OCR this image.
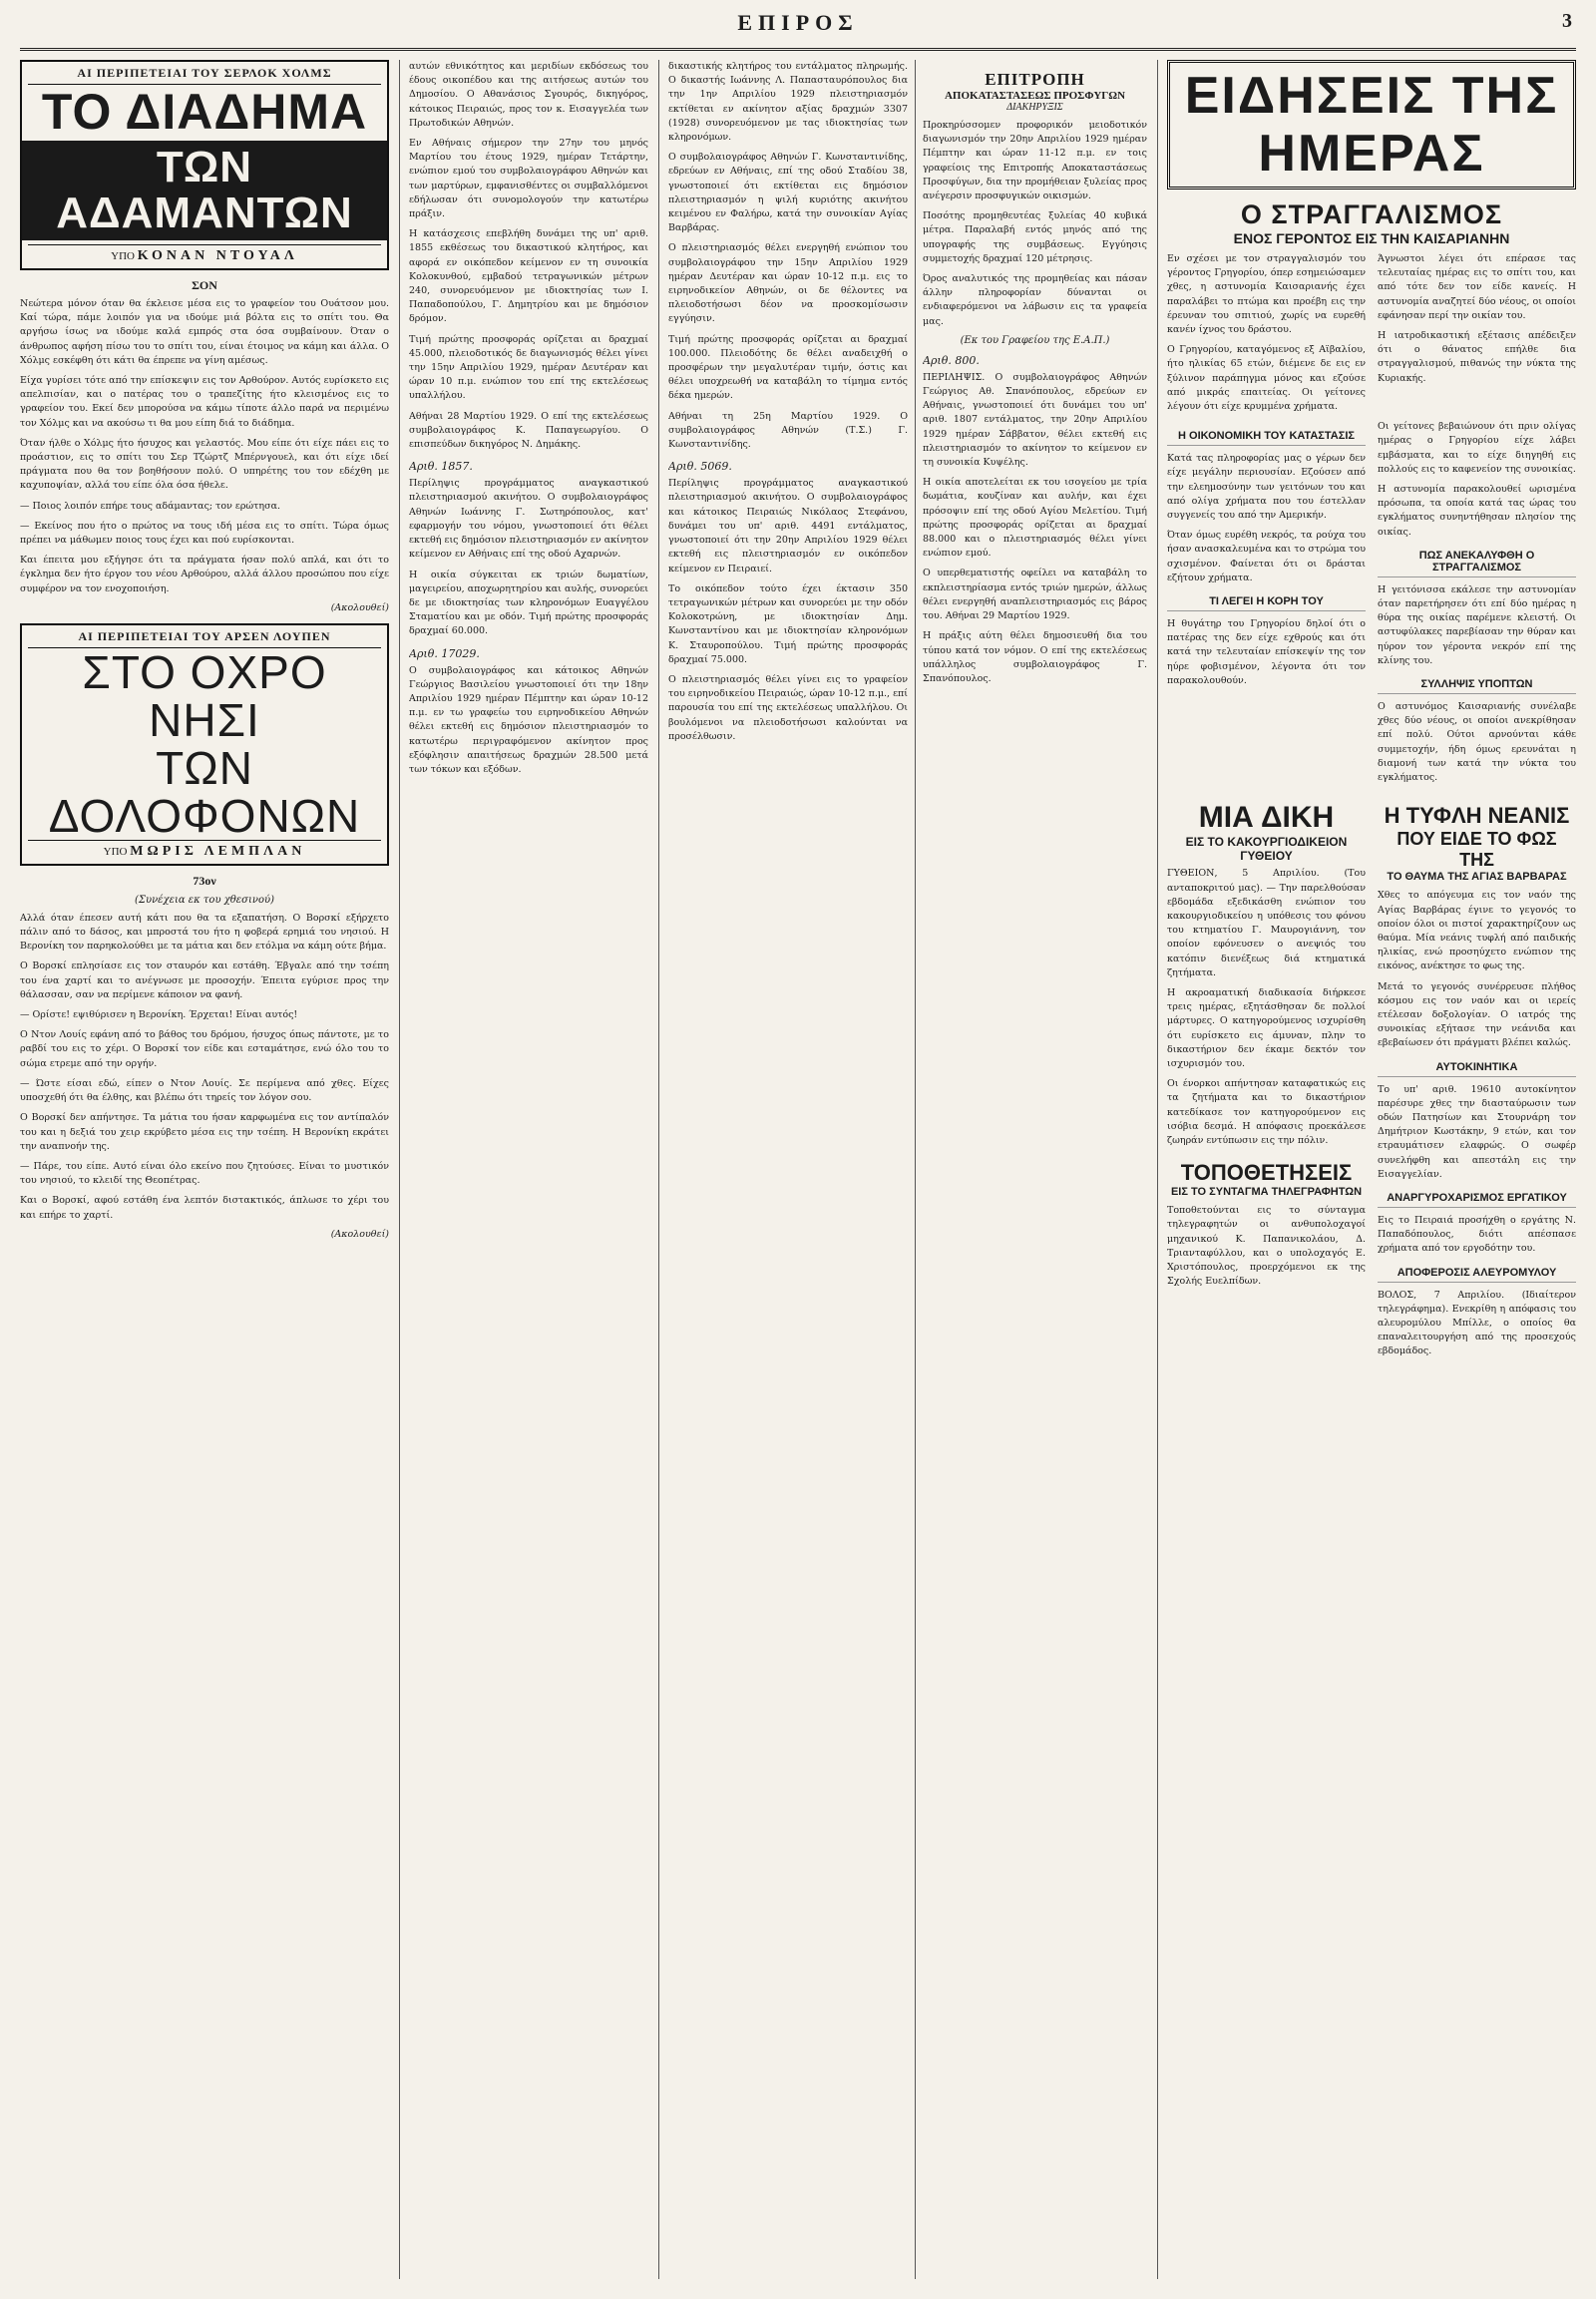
ΕΠΙΡΟΣ	3
ΑΙ ΠΕΡΙΠΕΤΕΙΑΙ ΤΟΥ ΣΕΡΛΟΚ ΧΟΛΜΣ
ΤΟ ΔΙΑΔΗΜΑ
ΤΩΝ ΑΔΑΜΑΝΤΩΝ
ΥΠΟ ΚΟΝΑΝ ΝΤΟΥΑΛ
ΣΟΝ

Νεώτερα μόνον όταν θα έκλεισε μέσα εις το γραφείον του Ουάτσον μου. Καί τώρα, πάμε λοιπόν για να ιδούμε μιά βόλτα εις το σπίτι του. Θα αργήσω ίσως να ιδούμε καλά εμπρός στα όσα συμβαίνουν. Όταν ο άνθρωπος αφήση πίσω του το σπίτι του, είναι έτοιμος να κάμη και άλλα. Ο Χόλμς εσκέφθη ότι κάτι θα έπρεπε να γίνη αμέσως.

Είχα γυρίσει τότε από την επίσκεψιν εις τον Αρθούρον. Αυτός ευρίσκετο εις απελπισίαν, και ο πατέρας του ο τραπεζίτης ήτο κλεισμένος εις το γραφείον του. Εκεί δεν μπορούσα να κάμω τίποτε άλλο παρά να περιμένω τον Χόλμς και να ακούσω τι θα μου είπη διά το διάδημα.

Όταν ήλθε ο Χόλμς ήτο ήσυχος και γελαστός. Μου είπε ότι είχε πάει εις το προάστιον, εις το σπίτι του Σερ Τζώρτζ Μπέρνγουελ, και ότι είχε ιδεί πράγματα που θα τον βοηθήσουν πολύ. Ο υπηρέτης του τον εδέχθη με καχυποψίαν, αλλά του είπε όλα όσα ήθελε.

— Ποιος λοιπόν επήρε τους αδάμαντας; τον ερώτησα.

— Εκείνος που ήτο ο πρώτος να τους ιδή μέσα εις το σπίτι. Τώρα όμως πρέπει να μάθωμεν ποιος τους έχει και πού ευρίσκονται.

Και έπειτα μου εξήγησε ότι τα πράγματα ήσαν πολύ απλά, και ότι το έγκλημα δεν ήτο έργον του νέου Αρθούρου, αλλά άλλου προσώπου που είχε συμφέρον να τον ενοχοποιήση.

(Ακολουθεί)
ΑΙ ΠΕΡΙΠΕΤΕΙΑΙ ΤΟΥ ΑΡΣΕΝ ΛΟΥΠΕΝ
ΣΤΟ ΟΧΡΟ ΝΗΣΙ
ΤΩΝ ΔΟΛΟΦΟΝΩΝ
ΥΠΟ ΜΩΡΙΣ ΛΕΜΠΛΑΝ
73ον
(Συνέχεια εκ του χθεσινού)

Αλλά όταν έπεσεν αυτή κάτι που θα τα εξαπατήση. Ο Βορσκί εξήρχετο πάλιν από το δάσος, και μπροστά του ήτο η φοβερά ερημιά του νησιού. Η Βερονίκη τον παρηκολούθει με τα μάτια και δεν ετόλμα να κάμη ούτε βήμα.

Ο Βορσκί επλησίασε εις τον σταυρόν και εστάθη. Έβγαλε από την τσέπη του ένα χαρτί και το ανέγνωσε με προσοχήν. Έπειτα εγύρισε προς την θάλασσαν, σαν να περίμενε κάποιον να φανή.

— Ορίστε! εψιθύρισεν η Βερονίκη. Έρχεται! Είναι αυτός!

Ο Ντον Λουίς εφάνη από το βάθος του δρόμου, ήσυχος όπως πάντοτε, με το ραβδί του εις το χέρι. Ο Βορσκί τον είδε και εσταμάτησε, ενώ όλο του το σώμα ετρεμε από την οργήν.

— Ώστε είσαι εδώ, είπεν ο Ντον Λουίς. Σε περίμενα από χθες. Είχες υποσχεθή ότι θα έλθης, και βλέπω ότι τηρείς τον λόγον σου.

Ο Βορσκί δεν απήντησε. Τα μάτια του ήσαν καρφωμένα εις τον αντίπαλόν του και η δεξιά του χειρ εκρύβετο μέσα εις την τσέπη. Η Βερονίκη εκράτει την αναπνοήν της.

— Πάρε, του είπε. Αυτό είναι όλο εκείνο που ζητούσες. Είναι το μυστικόν του νησιού, το κλειδί της Θεοπέτρας.

Και ο Βορσκί, αφού εστάθη ένα λεπτόν διστακτικός, άπλωσε το χέρι του και επήρε το χαρτί.

(Ακολουθεί)

αυτών εθνικότητος και μεριδίων εκδόσεως του έδους οικοπέδου και της αιτήσεως αυτών του Δημοσίου. Ο Αθανάσιος Σγουρός, δικηγόρος, κάτοικος Πειραιώς, προς τον κ. Εισαγγελέα των Πρωτοδικών Αθηνών.

Εν Αθήναις σήμερον την 27ην του μηνός Μαρτίου του έτους 1929, ημέραν Τετάρτην, ενώπιον εμού του συμβολαιογράφου Αθηνών και των μαρτύρων, εμφανισθέντες οι συμβαλλόμενοι εδήλωσαν ότι συνομολογούν την κατωτέρω πράξιν.

Η κατάσχεσις επεβλήθη δυνάμει της υπ' αριθ. 1855 εκθέσεως του δικαστικού κλητήρος, και αφορά εν οικόπεδον κείμενον εν τη συνοικία Κολοκυνθού, εμβαδού τετραγωνικών μέτρων 240, συνορευόμενον με ιδιοκτησίας των Ι. Παπαδοπούλου, Γ. Δημητρίου και με δημόσιον δρόμον.

Τιμή πρώτης προσφοράς ορίζεται αι δραχμαί 45.000, πλειοδοτικός δε διαγωνισμός θέλει γίνει την 15ην Απριλίου 1929, ημέραν Δευτέραν και ώραν 10 π.μ. ενώπιον του επί της εκτελέσεως υπαλλήλου.

Αθήναι 28 Μαρτίου 1929. Ο επί της εκτελέσεως συμβολαιογράφος Κ. Παπαγεωργίου. Ο επισπεύδων δικηγόρος Ν. Δημάκης.

Αριθ. 1857.

Περίληψις προγράμματος αναγκαστικού πλειστηριασμού ακινήτου. Ο συμβολαιογράφος Αθηνών Ιωάννης Γ. Σωτηρόπουλος, κατ' εφαρμογήν του νόμου, γνωστοποιεί ότι θέλει εκτεθή εις δημόσιον πλειστηριασμόν εν ακίνητον κείμενον εν Αθήναις επί της οδού Αχαρνών.

Η οικία σύγκειται εκ τριών δωματίων, μαγειρείου, αποχωρητηρίου και αυλής, συνορεύει δε με ιδιοκτησίας των κληρονόμων Ευαγγέλου Σταματίου και με οδόν. Τιμή πρώτης προσφοράς δραχμαί 60.000.

Αριθ. 17029.

Ο συμβολαιογράφος και κάτοικος Αθηνών Γεώργιος Βασιλείου γνωστοποιεί ότι την 18ην Απριλίου 1929 ημέραν Πέμπτην και ώραν 10-12 π.μ. εν τω γραφείω του ειρηνοδικείου Αθηνών θέλει εκτεθή εις δημόσιον πλειστηριασμόν το κατωτέρω περιγραφόμενον ακίνητον προς εξόφλησιν απαιτήσεως δραχμών 28.500 μετά των τόκων και εξόδων.

δικαστικής κλητήρος του εντάλματος πληρωμής. Ο δικαστής Ιωάννης Λ. Παπασταυρόπουλος δια την 1ην Απριλίου 1929 πλειστηριασμόν εκτίθεται εν ακίνητον αξίας δραχμών 3307 (1928) συνορευόμενον με τας ιδιοκτησίας των κληρονόμων.

Ο συμβολαιογράφος Αθηνών Γ. Κωνσταντινίδης, εδρεύων εν Αθήναις, επί της οδού Σταδίου 38, γνωστοποιεί ότι εκτίθεται εις δημόσιον πλειστηριασμόν η ψιλή κυριότης ακινήτου κειμένου εν Φαλήρω, κατά την συνοικίαν Αγίας Βαρβάρας.

Ο πλειστηριασμός θέλει ενεργηθή ενώπιον του συμβολαιογράφου την 15ην Απριλίου 1929 ημέραν Δευτέραν και ώραν 10-12 π.μ. εις το ειρηνοδικείον Αθηνών, οι δε θέλοντες να πλειοδοτήσωσι δέον να προσκομίσωσιν εγγύησιν.

Τιμή πρώτης προσφοράς ορίζεται αι δραχμαί 100.000. Πλειοδότης δε θέλει αναδειχθή ο προσφέρων την μεγαλυτέραν τιμήν, όστις και θέλει υποχρεωθή να καταβάλη το τίμημα εντός δέκα ημερών.

Αθήναι τη 25η Μαρτίου 1929. Ο συμβολαιογράφος Αθηνών (Τ.Σ.) Γ. Κωνσταντινίδης.

Αριθ. 5069.

Περίληψις προγράμματος αναγκαστικού πλειστηριασμού ακινήτου. Ο συμβολαιογράφος και κάτοικος Πειραιώς Νικόλαος Στεφάνου, δυνάμει του υπ' αριθ. 4491 εντάλματος, γνωστοποιεί ότι την 20ην Απριλίου 1929 θέλει εκτεθή εις πλειστηριασμόν εν οικόπεδον κείμενον εν Πειραιεί.

Το οικόπεδον τούτο έχει έκτασιν 350 τετραγωνικών μέτρων και συνορεύει με την οδόν Κολοκοτρώνη, με ιδιοκτησίαν Δημ. Κωνσταντίνου και με ιδιοκτησίαν κληρονόμων Κ. Σταυροπούλου. Τιμή πρώτης προσφοράς δραχμαί 75.000.

Ο πλειστηριασμός θέλει γίνει εις το γραφείον του ειρηνοδικείου Πειραιώς, ώραν 10-12 π.μ., επί παρουσία του επί της εκτελέσεως υπαλλήλου. Οι βουλόμενοι να πλειοδοτήσωσι καλούνται να προσέλθωσιν.

ΕΠΙΤΡΟΠΗ
ΑΠΟΚΑΤΑΣΤΑΣΕΩΣ ΠΡΟΣΦΥΓΩΝ
ΔΙΑΚΗΡΥΞΙΣ

Προκηρύσσομεν προφορικόν μειοδοτικόν διαγωνισμόν την 20ην Απριλίου 1929 ημέραν Πέμπτην και ώραν 11-12 π.μ. εν τοις γραφείοις της Επιτροπής Αποκαταστάσεως Προσφύγων, δια την προμήθειαν ξυλείας προς ανέγερσιν προσφυγικών οικισμών.

Ποσότης προμηθευτέας ξυλείας 40 κυβικά μέτρα. Παραλαβή εντός μηνός από της υπογραφής της συμβάσεως. Εγγύησις συμμετοχής δραχμαί 120 μέτρησις.

Όρος αναλυτικός της προμηθείας και πάσαν άλλην πληροφορίαν δύνανται οι ενδιαφερόμενοι να λάβωσιν εις τα γραφεία μας.

(Εκ του Γραφείου της Ε.Α.Π.)
Αριθ. 800.

ΠΕΡΙΛΗΨΙΣ. Ο συμβολαιογράφος Αθηνών Γεώργιος Αθ. Σπανόπουλος, εδρεύων εν Αθήναις, γνωστοποιεί ότι δυνάμει του υπ' αριθ. 1807 εντάλματος, την 20ην Απριλίου 1929 ημέραν Σάββατον, θέλει εκτεθή εις πλειστηριασμόν το ακίνητον το κείμενον εν τη συνοικία Κυψέλης.

Η οικία αποτελείται εκ του ισογείου με τρία δωμάτια, κουζίναν και αυλήν, και έχει πρόσοψιν επί της οδού Αγίου Μελετίου. Τιμή πρώτης προσφοράς ορίζεται αι δραχμαί 88.000 και ο πλειστηριασμός θέλει γίνει ενώπιον εμού.

Ο υπερθεματιστής οφείλει να καταβάλη το εκπλειστηρίασμα εντός τριών ημερών, άλλως θέλει ενεργηθή αναπλειστηριασμός εις βάρος του. Αθήναι 29 Μαρτίου 1929.

Η πράξις αύτη θέλει δημοσιευθή δια του τύπου κατά τον νόμον. Ο επί της εκτελέσεως υπάλληλος συμβολαιογράφος Γ. Σπανόπουλος.

ΕΙΔΗΣΕΙΣ ΤΗΣ ΗΜΕΡΑΣ
Ο ΣΤΡΑΓΓΑΛΙΣΜΟΣ
ΕΝΟΣ ΓΕΡΟΝΤΟΣ ΕΙΣ ΤΗΝ ΚΑΙΣΑΡΙΑΝΗΝ

Εν σχέσει με τον στραγγαλισμόν του γέροντος Γρηγορίου, όπερ εσημειώσαμεν χθες, η αστυνομία Καισαριανής έχει παραλάβει το πτώμα και προέβη εις την έρευναν του σπιτιού, χωρίς να ευρεθή κανέν ίχνος του δράστου.

Ο Γρηγορίου, καταγόμενος εξ Αϊβαλίου, ήτο ηλικίας 65 ετών, διέμενε δε εις εν ξύλινον παράπηγμα μόνος και εζούσε από μικράς επαιτείας. Οι γείτονες λέγουν ότι είχε κρυμμένα χρήματα.

Άγνωστοι λέγει ότι επέρασε τας τελευταίας ημέρας εις το σπίτι του, και από τότε δεν τον είδε κανείς. Η αστυνομία αναζητεί δύο νέους, οι οποίοι εφάνησαν περί την οικίαν του.

Η ιατροδικαστική εξέτασις απέδειξεν ότι ο θάνατος επήλθε δια στραγγαλισμού, πιθανώς την νύκτα της Κυριακής.

Η ΟΙΚΟΝΟΜΙΚΗ ΤΟΥ ΚΑΤΑΣΤΑΣΙΣ

Κατά τας πληροφορίας μας ο γέρων δεν είχε μεγάλην περιουσίαν. Εζούσεν από την ελεημοσύνην των γειτόνων του και από ολίγα χρήματα που του έστελλαν συγγενείς του από την Αμερικήν.

Όταν όμως ευρέθη νεκρός, τα ρούχα του ήσαν ανασκαλευμένα και το στρώμα του σχισμένον. Φαίνεται ότι οι δράσται εζήτουν χρήματα.

ΤΙ ΛΕΓΕΙ Η ΚΟΡΗ ΤΟΥ

Η θυγάτηρ του Γρηγορίου δηλοί ότι ο πατέρας της δεν είχε εχθρούς και ότι κατά την τελευταίαν επίσκεψίν της τον ηύρε φοβισμένον, λέγοντα ότι τον παρακολουθούν.

Οι γείτονες βεβαιώνουν ότι πριν ολίγας ημέρας ο Γρηγορίου είχε λάβει εμβάσματα, και το είχε διηγηθή εις πολλούς εις το καφενείον της συνοικίας.

Η αστυνομία παρακολουθεί ωρισμένα πρόσωπα, τα οποία κατά τας ώρας του εγκλήματος συνηντήθησαν πλησίον της οικίας.

ΠΩΣ ΑΝΕΚΑΛΥΦΘΗ Ο ΣΤΡΑΓΓΑΛΙΣΜΟΣ

Η γειτόνισσα εκάλεσε την αστυνομίαν όταν παρετήρησεν ότι επί δύο ημέρας η θύρα της οικίας παρέμενε κλειστή. Οι αστυφύλακες παρεβίασαν την θύραν και ηύρον τον γέροντα νεκρόν επί της κλίνης του.

ΣΥΛΛΗΨΙΣ ΥΠΟΠΤΩΝ

Ο αστυνόμος Καισαριανής συνέλαβε χθες δύο νέους, οι οποίοι ανεκρίθησαν επί πολύ. Ούτοι αρνούνται κάθε συμμετοχήν, ήδη όμως ερευνάται η διαμονή των κατά την νύκτα του εγκλήματος.

ΜΙΑ ΔΙΚΗ
ΕΙΣ ΤΟ ΚΑΚΟΥΡΓΙΟΔΙΚΕΙΟΝ ΓΥΘΕΙΟΥ

ΓΥΘΕΙΟΝ, 5 Απριλίου. (Του ανταποκριτού μας). — Την παρελθούσαν εβδομάδα εξεδικάσθη ενώπιον του κακουργιοδικείου η υπόθεσις του φόνου του κτηματίου Γ. Μαυρογιάννη, τον οποίον εφόνευσεν ο ανεψιός του κατόπιν διενέξεως διά κτηματικά ζητήματα.

Η ακροαματική διαδικασία διήρκεσε τρεις ημέρας, εξητάσθησαν δε πολλοί μάρτυρες. Ο κατηγορούμενος ισχυρίσθη ότι ευρίσκετο εις άμυναν, πλην το δικαστήριον δεν έκαμε δεκτόν τον ισχυρισμόν του.

Οι ένορκοι απήντησαν καταφατικώς εις τα ζητήματα και το δικαστήριον κατεδίκασε τον κατηγορούμενον εις ισόβια δεσμά. Η απόφασις προεκάλεσε ζωηράν εντύπωσιν εις την πόλιν.

ΤΟΠΟΘΕΤΗΣΕΙΣ
ΕΙΣ ΤΟ ΣΥΝΤΑΓΜΑ ΤΗΛΕΓΡΑΦΗΤΩΝ

Τοποθετούνται εις το σύνταγμα τηλεγραφητών οι ανθυπολοχαγοί μηχανικού Κ. Παπανικολάου, Δ. Τριανταφύλλου, και ο υπολοχαγός Ε. Χριστόπουλος, προερχόμενοι εκ της Σχολής Ευελπίδων.

Η ΤΥΦΛΗ ΝΕΑΝΙΣ
ΠΟΥ ΕΙΔΕ ΤΟ ΦΩΣ ΤΗΣ
ΤΟ ΘΑΥΜΑ ΤΗΣ ΑΓΙΑΣ ΒΑΡΒΑΡΑΣ

Χθες το απόγευμα εις τον ναόν της Αγίας Βαρβάρας έγινε το γεγονός το οποίον όλοι οι πιστοί χαρακτηρίζουν ως θαύμα. Μία νεάνις τυφλή από παιδικής ηλικίας, ενώ προσηύχετο ενώπιον της εικόνος, ανέκτησε το φως της.

Μετά το γεγονός συνέρρευσε πλήθος κόσμου εις τον ναόν και οι ιερείς ετέλεσαν δοξολογίαν. Ο ιατρός της συνοικίας εξήτασε την νεάνιδα και εβεβαίωσεν ότι πράγματι βλέπει καλώς.

ΑΥΤΟΚΙΝΗΤΙΚΑ

Το υπ' αριθ. 19610 αυτοκίνητον παρέσυρε χθες την διασταύρωσιν των οδών Πατησίων και Στουρνάρη τον Δημήτριον Κωστάκην, 9 ετών, και τον ετραυμάτισεν ελαφρώς. Ο σωφέρ συνελήφθη και απεστάλη εις την Εισαγγελίαν.

ΑΝΑΡΓΥΡΟΧΑΡΙΣΜΟΣ ΕΡΓΑΤΙΚΟΥ

Εις το Πειραιά προσήχθη ο εργάτης Ν. Παπαδόπουλος, διότι απέσπασε χρήματα από τον εργοδότην του.

ΑΠΟΦΕΡΟΣΙΣ ΑΛΕΥΡΟΜΥΛΟΥ

ΒΟΛΟΣ, 7 Απριλίου. (Ιδιαίτερον τηλεγράφημα). Ενεκρίθη η απόφασις του αλευρομύλου Μπίλλε, ο οποίος θα επαναλειτουργήση από της προσεχούς εβδομάδος.
